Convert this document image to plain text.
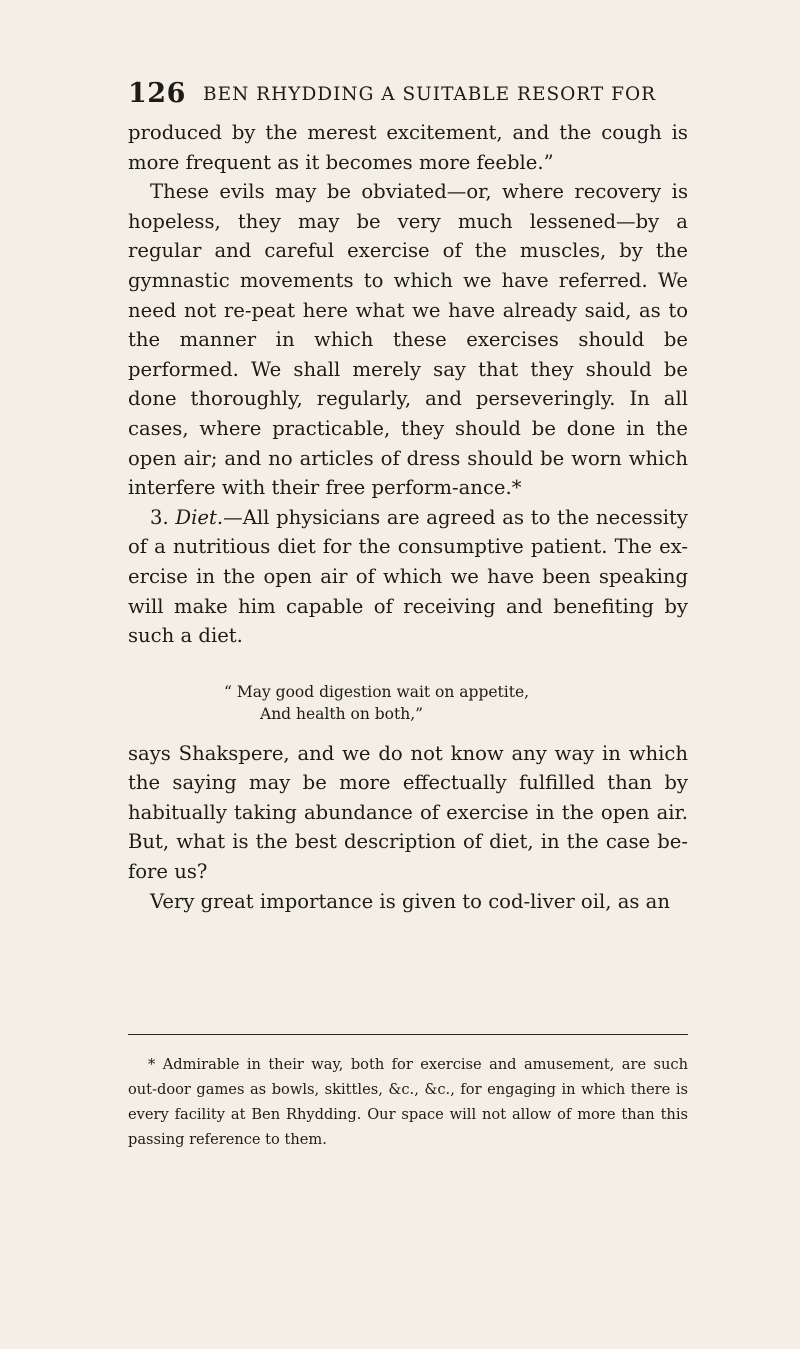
126 BEN RHYDDING A SUITABLE RESORT FOR

produced by the merest excitement, and the cough is more frequent as it becomes more feeble.”

These evils may be obviated—or, where recovery is hopeless, they may be very much lessened—by a regular and careful exercise of the muscles, by the gymnastic movements to which we have referred. We need not re-peat here what we have already said, as to the manner in which these exercises should be performed. We shall merely say that they should be done thoroughly, regularly, and perseveringly. In all cases, where practicable, they should be done in the open air; and no articles of dress should be worn which interfere with their free perform-ance.*

3. Diet.—All physicians are agreed as to the necessity of a nutritious diet for the consumptive patient. The ex-ercise in the open air of which we have been speaking will make him capable of receiving and benefiting by such a diet.

“ May good digestion wait on appetite,
And health on both,”

says Shakspere, and we do not know any way in which the saying may be more effectually fulfilled than by habitually taking abundance of exercise in the open air. But, what is the best description of diet, in the case be-fore us?

Very great importance is given to cod-liver oil, as an

* Admirable in their way, both for exercise and amusement, are such out-door games as bowls, skittles, &c., &c., for engaging in which there is every facility at Ben Rhydding. Our space will not allow of more than this passing reference to them.
